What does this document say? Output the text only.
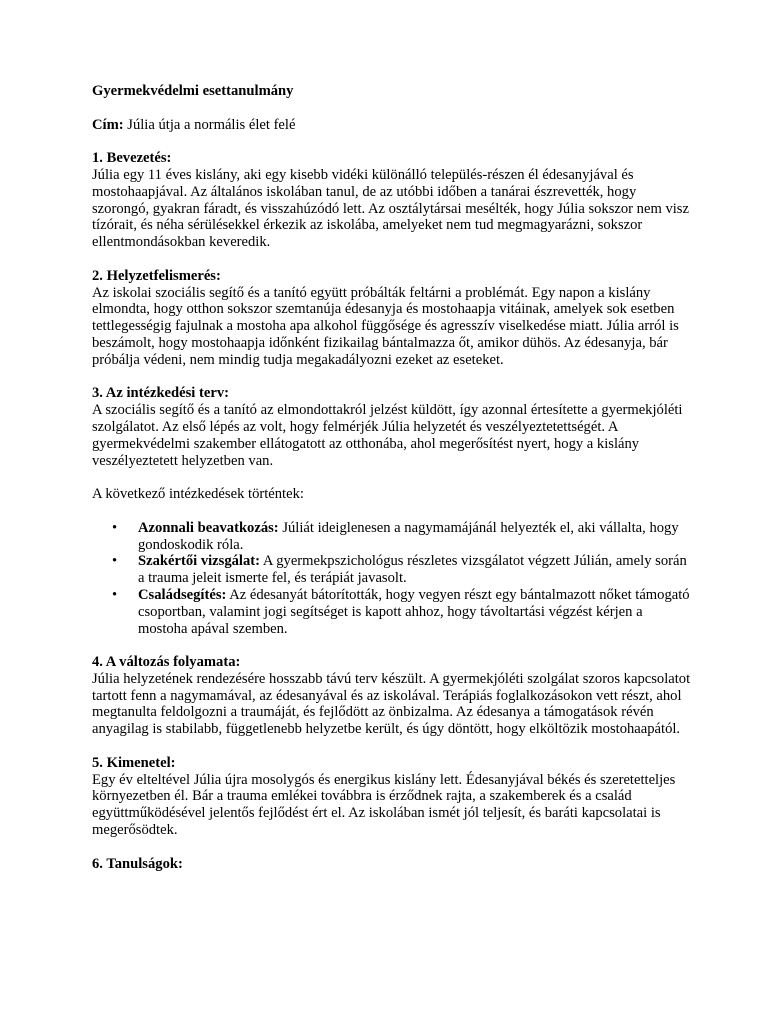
Gyermekvédelmi esettanulmány

Cím: Júlia útja a normális élet felé

1. Bevezetés:

Júlia egy 11 éves kislány, aki egy kisebb vidéki különálló település-részen él édesanyjával és mostohaapjával. Az általános iskolában tanul, de az utóbbi időben a tanárai észrevették, hogy szorongó, gyakran fáradt, és visszahúzódó lett. Az osztálytársai mesélték, hogy Júlia sokszor nem visz tízórait, és néha sérülésekkel érkezik az iskolába, amelyeket nem tud megmagyarázni, sokszor ellentmondásokban keveredik.

2. Helyzetfelismerés:

Az iskolai szociális segítő és a tanító együtt próbálták feltárni a problémát. Egy napon a kislány elmondta, hogy otthon sokszor szemtanúja édesanyja és mostohaapja vitáinak, amelyek sok esetben tettlegességig fajulnak a mostoha apa alkohol függősége és agresszív viselkedése miatt. Júlia arról is beszámolt, hogy mostohaapja időnként fizikailag bántalmazza őt, amikor dühös. Az édesanyja, bár próbálja védeni, nem mindig tudja megakadályozni ezeket az eseteket.

3. Az intézkedési terv:

A szociális segítő és a tanító az elmondottakról jelzést küldött, így azonnal értesítette a gyermekjóléti szolgálatot. Az első lépés az volt, hogy felmérjék Júlia helyzetét és veszélyeztetettségét. A gyermekvédelmi szakember ellátogatott az otthonába, ahol megerősítést nyert, hogy a kislány veszélyeztetett helyzetben van.

A következő intézkedések történtek:

• Azonnali beavatkozás: Júliát ideiglenesen a nagymamájánál helyezték el, aki vállalta, hogy gondoskodik róla.
• Szakértői vizsgálat: A gyermekpszichológus részletes vizsgálatot végzett Júlián, amely során a trauma jeleit ismerte fel, és terápiát javasolt.
• Családsegítés: Az édesanyát bátorították, hogy vegyen részt egy bántalmazott nőket támogató csoportban, valamint jogi segítséget is kapott ahhoz, hogy távoltartási végzést kérjen a mostoha apával szemben.

4. A változás folyamata:

Júlia helyzetének rendezésére hosszabb távú terv készült. A gyermekjóléti szolgálat szoros kapcsolatot tartott fenn a nagymamával, az édesanyával és az iskolával. Terápiás foglalkozásokon vett részt, ahol megtanulta feldolgozni a traumáját, és fejlődött az önbizalma. Az édesanya a támogatások révén anyagilag is stabilabb, függetlenebb helyzetbe került, és úgy döntött, hogy elköltözik mostohaapától.

5. Kimenetel:

Egy év elteltével Júlia újra mosolygós és energikus kislány lett. Édesanyjával békés és szeretetteljes környezetben él. Bár a trauma emlékei továbbra is érződnek rajta, a szakemberek és a család együttműködésével jelentős fejlődést ért el. Az iskolában ismét jól teljesít, és baráti kapcsolatai is megerősödtek.

6. Tanulságok:
